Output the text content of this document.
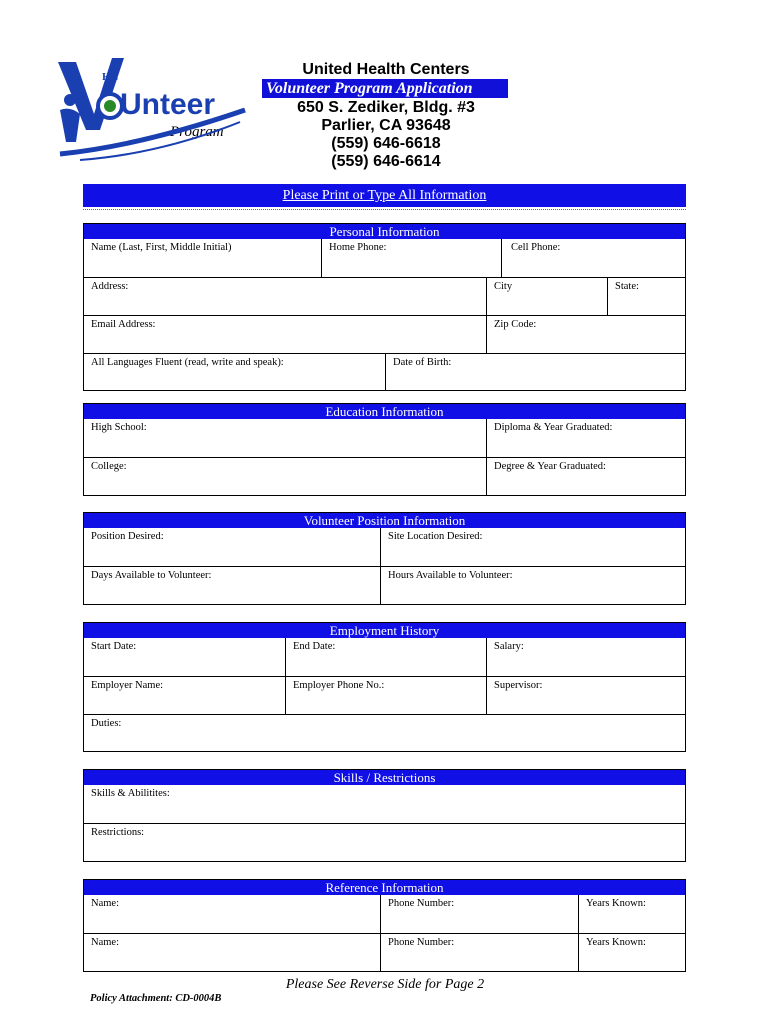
HC
Unteer
Program
United Health Centers
Volunteer Program Application
650 S. Zediker, Bldg. #3
Parlier, CA 93648
(559) 646-6618
(559) 646-6614
Please Print or Type All Information
Personal Information
Name (Last, First, Middle Initial)	Home Phone:	Cell Phone:
Address:	City	State:
Email Address:	Zip Code:
All Languages Fluent (read, write and speak):	Date of Birth:
Education Information
High School:	Diploma & Year Graduated:
College:	Degree & Year Graduated:
Volunteer Position Information
Position Desired:	Site Location Desired:
Days Available to Volunteer:	Hours Available to Volunteer:
Employment History
Start Date:	End Date:	Salary:
Employer Name:	Employer Phone No.:	Supervisor:
Duties:
Skills / Restrictions
Skills & Abilitites:
Restrictions:
Reference Information
Name:	Phone Number:	Years Known:
Name:	Phone Number:	Years Known:
Please See Reverse Side for Page 2
Policy Attachment: CD-0004B
